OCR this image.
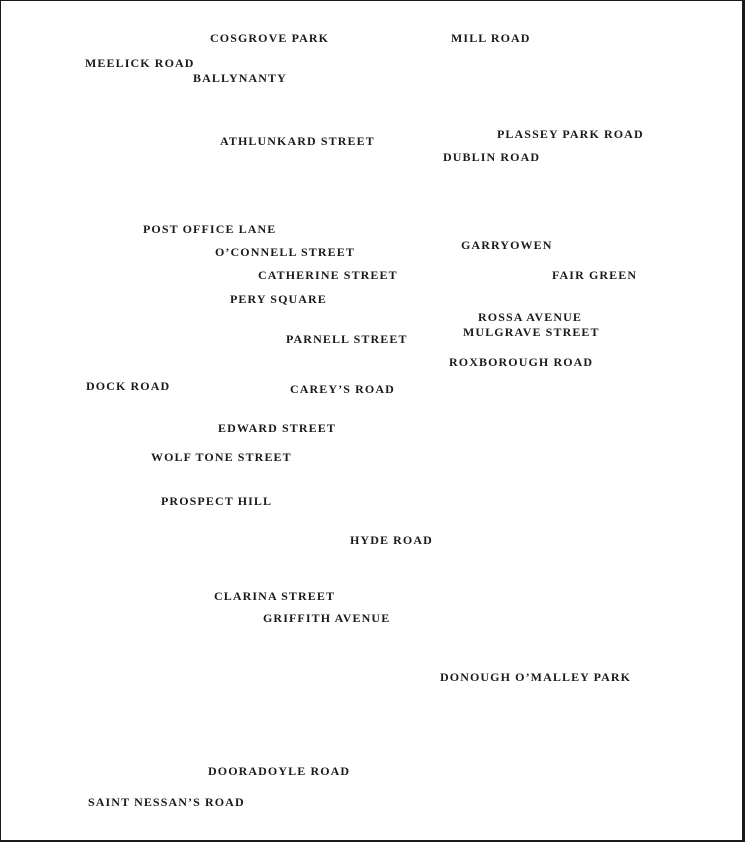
COSGROVE PARK	MILL ROAD
MEELICK ROAD
BALLYNANTY
ATHLUNKARD STREET	PLASSEY PARK ROAD
DUBLIN ROAD
POST OFFICE LANE
O’CONNELL STREET	GARRYOWEN
CATHERINE STREET	FAIR GREEN
PERY SQUARE
ROSSA AVENUE
MULGRAVE STREET
PARNELL STREET
ROXBOROUGH ROAD
DOCK ROAD	CAREY’S ROAD
EDWARD STREET
WOLF TONE STREET
PROSPECT HILL
HYDE ROAD
CLARINA STREET
GRIFFITH AVENUE
DONOUGH O’MALLEY PARK
DOORADOYLE ROAD
SAINT NESSAN’S ROAD
